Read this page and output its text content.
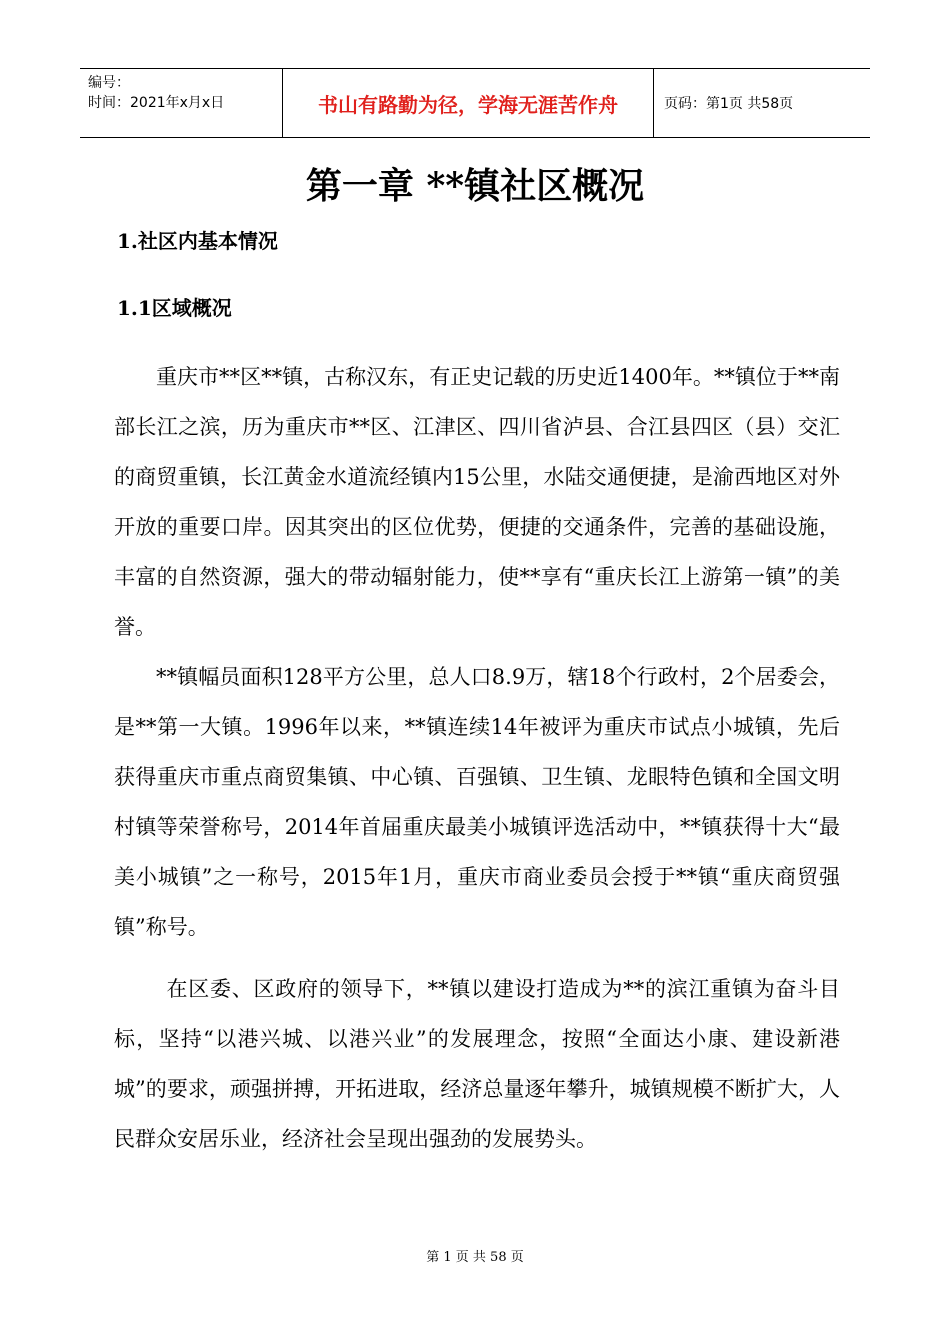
编号：
时间：2021年x月x日	书山有路勤为径，学海无涯苦作舟	页码：第1页 共58页
第一章 **镇社区概况
1.社区内基本情况
1.1区域概况

重庆市**区**镇，古称汉东，有正史记载的历史近1400年。**镇位于**南部长江之滨，历为重庆市**区、江津区、四川省泸县、合江县四区（县）交汇的商贸重镇，长江黄金水道流经镇内15公里，水陆交通便捷，是渝西地区对外开放的重要口岸。因其突出的区位优势，便捷的交通条件，完善的基础设施，丰富的自然资源，强大的带动辐射能力，使**享有“重庆长江上游第一镇”的美誉。

**镇幅员面积128平方公里，总人口8.9万，辖18个行政村，2个居委会，是**第一大镇。1996年以来，**镇连续14年被评为重庆市试点小城镇，先后获得重庆市重点商贸集镇、中心镇、百强镇、卫生镇、龙眼特色镇和全国文明村镇等荣誉称号，2014年首届重庆最美小城镇评选活动中，**镇获得十大“最美小城镇”之一称号，2015年1月，重庆市商业委员会授于**镇“重庆商贸强镇”称号。

在区委、区政府的领导下，**镇以建设打造成为**的滨江重镇为奋斗目标，坚持“以港兴城、以港兴业”的发展理念，按照“全面达小康、建设新港城”的要求，顽强拼搏，开拓进取，经济总量逐年攀升，城镇规模不断扩大，人民群众安居乐业，经济社会呈现出强劲的发展势头。

第 1 页 共 58 页
